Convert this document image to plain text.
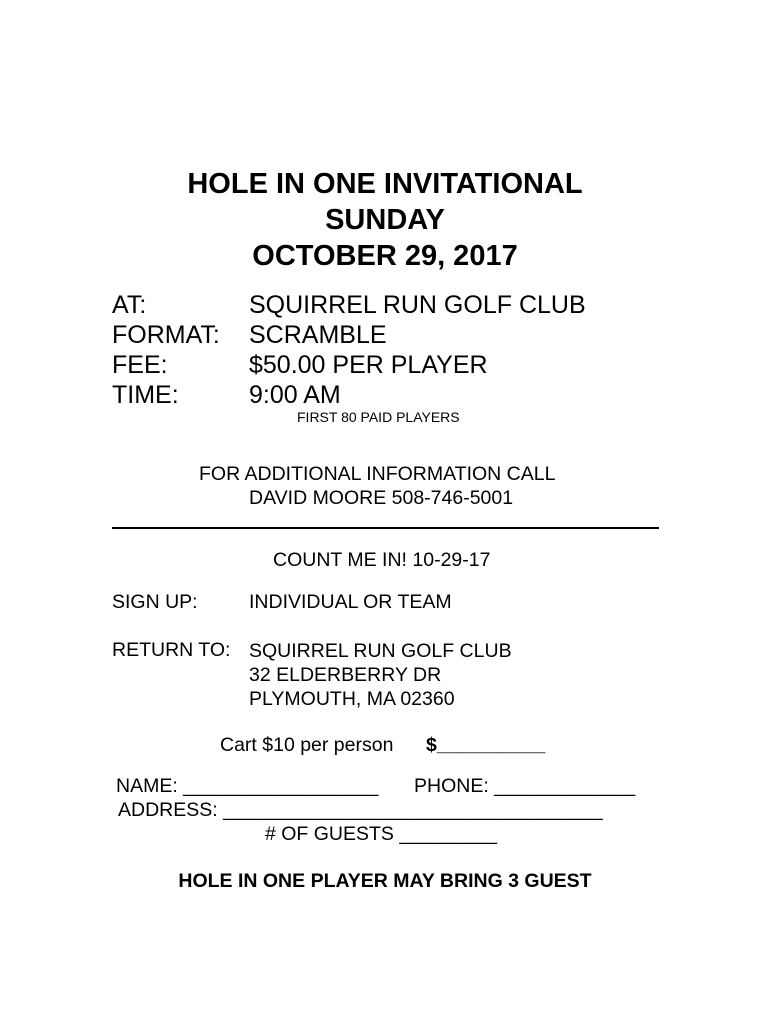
HOLE IN ONE INVITATIONAL
SUNDAY
OCTOBER 29, 2017
AT:	SQUIRREL RUN GOLF CLUB
FORMAT: SCRAMBLE
FEE:	$50.00 PER PLAYER
TIME:	9:00 AM
FIRST 80 PAID PLAYERS
FOR ADDITIONAL INFORMATION CALL
DAVID MOORE 508-746-5001
COUNT ME IN! 10-29-17
SIGN UP:	INDIVIDUAL OR TEAM
RETURN TO: SQUIRREL RUN GOLF CLUB
32 ELDERBERRY DR
PLYMOUTH, MA 02360
Cart $10 per person $__________
NAME: __________________ PHONE: _____________
ADDRESS: ___________________________________
# OF GUESTS _________
HOLE IN ONE PLAYER MAY BRING 3 GUEST
